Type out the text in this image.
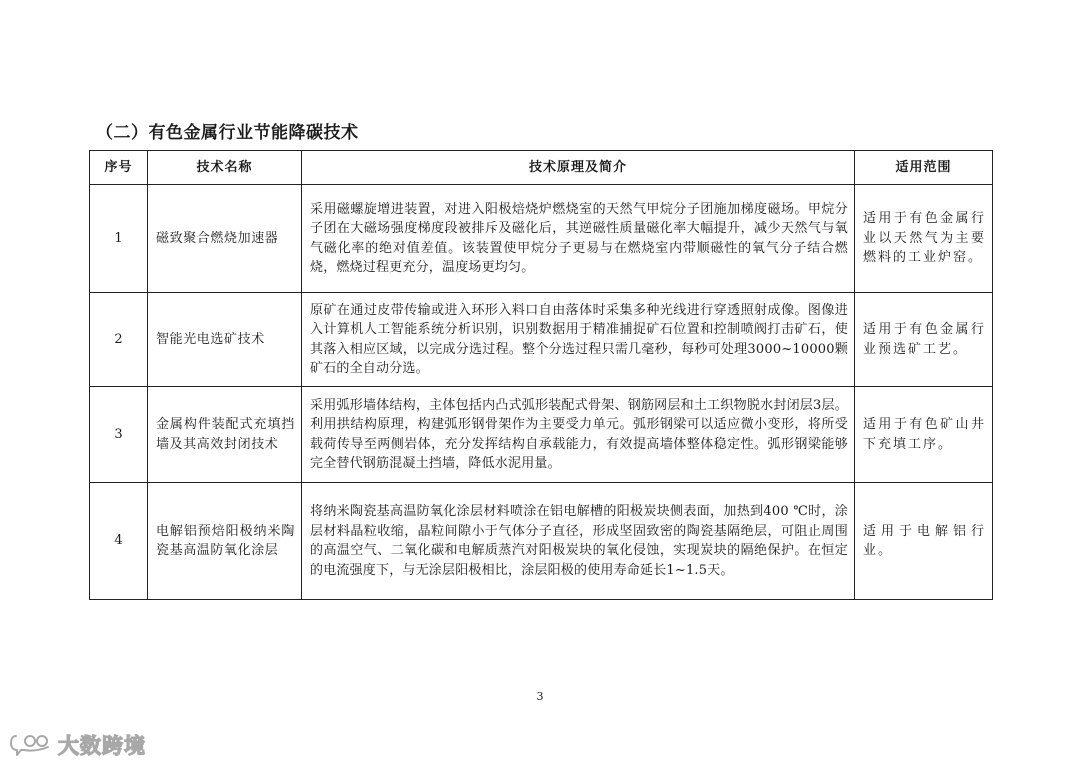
（二）有色金属行业节能降碳技术
序号	技术名称	技术原理及简介	适用范围
1	磁致聚合燃烧加速器	采用磁螺旋增进装置，对进入阳极焙烧炉燃烧室的天然气甲烷分子团施加梯度磁场。甲烷分子团在大磁场强度梯度段被排斥及磁化后，其逆磁性质量磁化率大幅提升，减少天然气与氧气磁化率的绝对值差值。该装置使甲烷分子更易与在燃烧室内带顺磁性的氧气分子结合燃烧，燃烧过程更充分，温度场更均匀。	适用于有色金属行业以天然气为主要燃料的工业炉窑。
2	智能光电选矿技术	原矿在通过皮带传输或进入环形入料口自由落体时采集多种光线进行穿透照射成像。图像进入计算机人工智能系统分析识别，识别数据用于精准捕捉矿石位置和控制喷阀打击矿石，使其落入相应区域，以完成分选过程。整个分选过程只需几毫秒，每秒可处理3000~10000颗矿石的全自动分选。	适用于有色金属行业预选矿工艺。
3	金属构件装配式充填挡墙及其高效封闭技术	采用弧形墙体结构，主体包括内凸式弧形装配式骨架、钢筋网层和土工织物脱水封闭层3层。利用拱结构原理，构建弧形钢骨架作为主要受力单元。弧形钢梁可以适应微小变形，将所受载荷传导至两侧岩体，充分发挥结构自承载能力，有效提高墙体整体稳定性。弧形钢梁能够完全替代钢筋混凝土挡墙，降低水泥用量。	适用于有色矿山井下充填工序。
4	电解铝预焙阳极纳米陶瓷基高温防氧化涂层	将纳米陶瓷基高温防氧化涂层材料喷涂在铝电解槽的阳极炭块侧表面，加热到400 ℃时，涂层材料晶粒收缩，晶粒间隙小于气体分子直径，形成坚固致密的陶瓷基隔绝层，可阻止周围的高温空气、二氧化碳和电解质蒸汽对阳极炭块的氧化侵蚀，实现炭块的隔绝保护。在恒定的电流强度下，与无涂层阳极相比，涂层阳极的使用寿命延长1~1.5天。	适用于电解铝行业。
3
大数跨境
